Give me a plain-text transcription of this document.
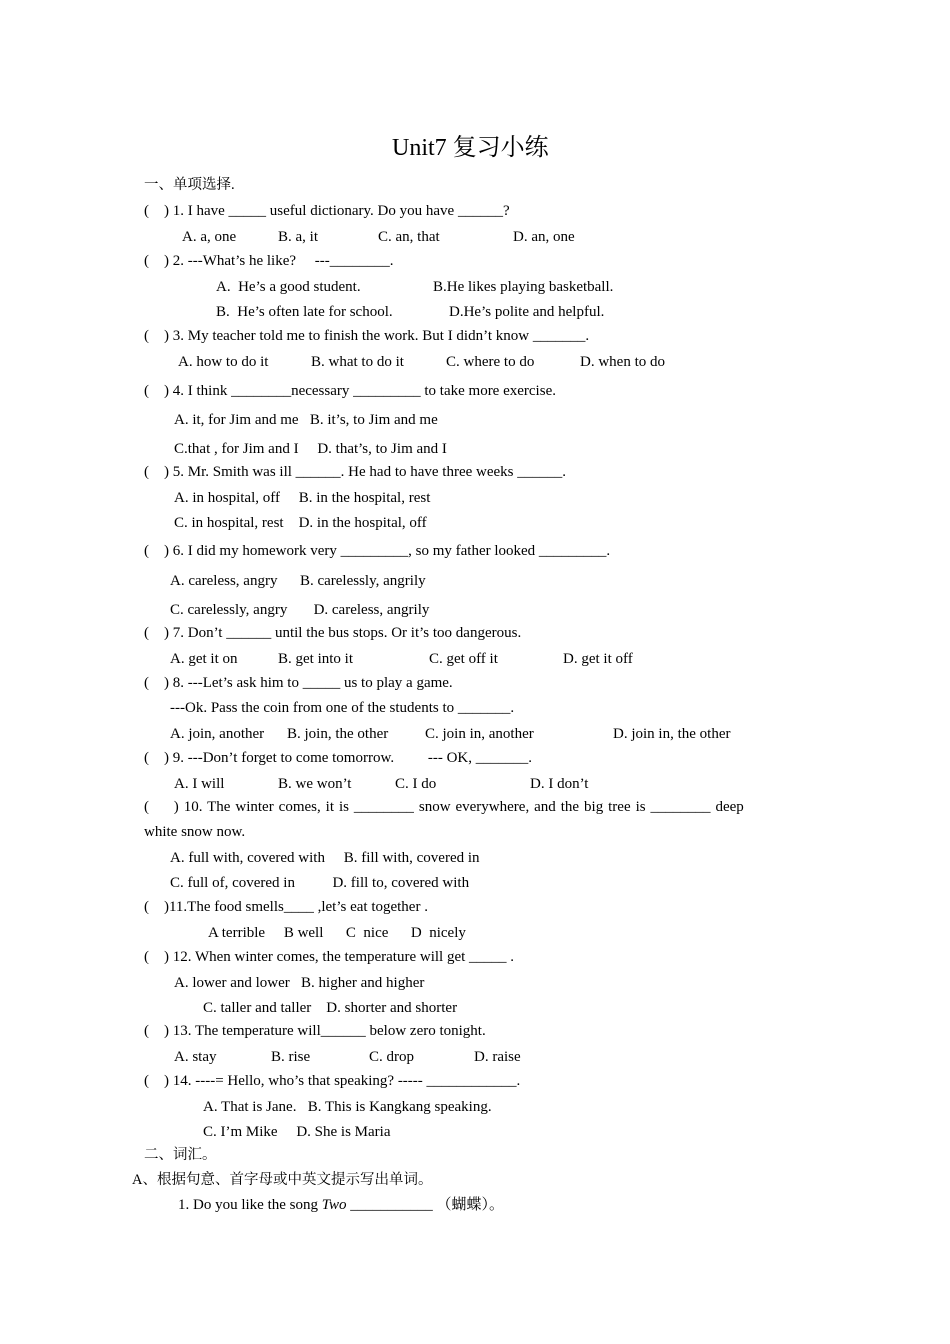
Unit7 复习小练
一、单项选择.
(    ) 1. I have _____ useful dictionary. Do you have ______?
A. a, one	B. a, it	C. an, that	D. an, one
(    ) 2. ---What’s he like?     ---________.
A.  He’s a good student.	B.He likes playing basketball.
B.  He’s often late for school.	D.He’s polite and helpful.
(    ) 3. My teacher told me to finish the work. But I didn’t know _______.
A. how to do it	B. what to do it	C. where to do	D. when to do
(    ) 4. I think ________necessary _________ to take more exercise.
A. it, for Jim and me   B. it’s, to Jim and me
C.that , for Jim and I     D. that’s, to Jim and I
(    ) 5. Mr. Smith was ill ______. He had to have three weeks ______.
A. in hospital, off     B. in the hospital, rest
C. in hospital, rest    D. in the hospital, off
(    ) 6. I did my homework very _________, so my father looked _________.
A. careless, angry      B. carelessly, angrily
C. carelessly, angry       D. careless, angrily
(    ) 7. Don’t ______ until the bus stops. Or it’s too dangerous.
A. get it on	B. get into it	C. get off it	D. get it off
(    ) 8. ---Let’s ask him to _____ us to play a game.
---Ok. Pass the coin from one of the students to _______.
A. join, another B. join, the other C. join in, another	D. join in, the other
(    ) 9. ---Don’t forget to come tomorrow.         --- OK, _______.
A. I will	B. we won’t	C. I do	D. I don’t
(     ) 10. The winter comes, it is ________ snow everywhere, and the big tree is ________ deep
white snow now.
A. full with, covered with     B. fill with, covered in
C. full of, covered in          D. fill to, covered with
(    )11.The food smells____ ,let’s eat together .
A terrible     B well      C  nice      D  nicely
(    ) 12. When winter comes, the temperature will get _____ .
A. lower and lower   B. higher and higher
C. taller and taller    D. shorter and shorter
(    ) 13. The temperature will______ below zero tonight.
A. stay	B. rise	C. drop	D. raise
(    ) 14. ----= Hello, who’s that speaking? ----- ____________.
A. That is Jane.   B. This is Kangkang speaking.
C. I’m Mike     D. She is Maria
二、词汇。
A、根据句意、首字母或中英文提示写出单词。
1. Do you like the song Two ___________ （蝴蝶）。
